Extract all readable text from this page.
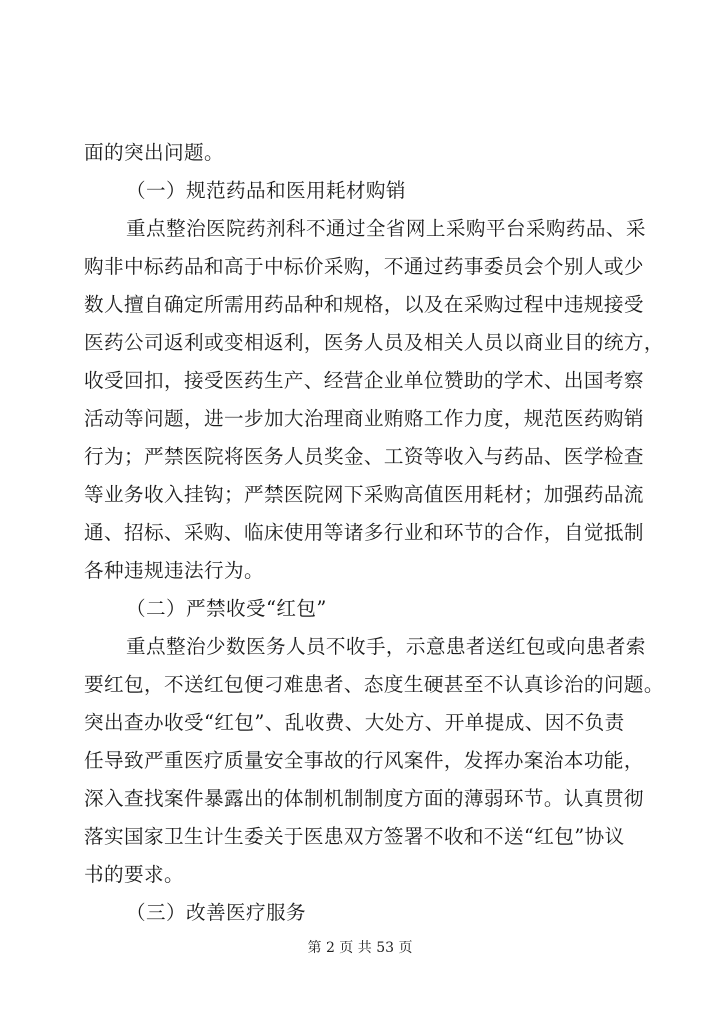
面的突出问题。
（一）规范药品和医用耗材购销
重点整治医院药剂科不通过全省网上采购平台采购药品、采
购非中标药品和高于中标价采购，不通过药事委员会个别人或少
数人擅自确定所需用药品种和规格，以及在采购过程中违规接受
医药公司返利或变相返利，医务人员及相关人员以商业目的统方，
收受回扣，接受医药生产、经营企业单位赞助的学术、出国考察
活动等问题，进一步加大治理商业贿赂工作力度，规范医药购销
行为；严禁医院将医务人员奖金、工资等收入与药品、医学检查
等业务收入挂钩；严禁医院网下采购高值医用耗材；加强药品流
通、招标、采购、临床使用等诸多行业和环节的合作，自觉抵制
各种违规违法行为。
（二）严禁收受“红包”
重点整治少数医务人员不收手，示意患者送红包或向患者索
要红包，不送红包便刁难患者、态度生硬甚至不认真诊治的问题。
突出查办收受“红包”、乱收费、大处方、开单提成、因不负责
任导致严重医疗质量安全事故的行风案件，发挥办案治本功能，
深入查找案件暴露出的体制机制制度方面的薄弱环节。认真贯彻
落实国家卫生计生委关于医患双方签署不收和不送“红包”协议
书的要求。
（三）改善医疗服务
第 2 页 共 53 页
